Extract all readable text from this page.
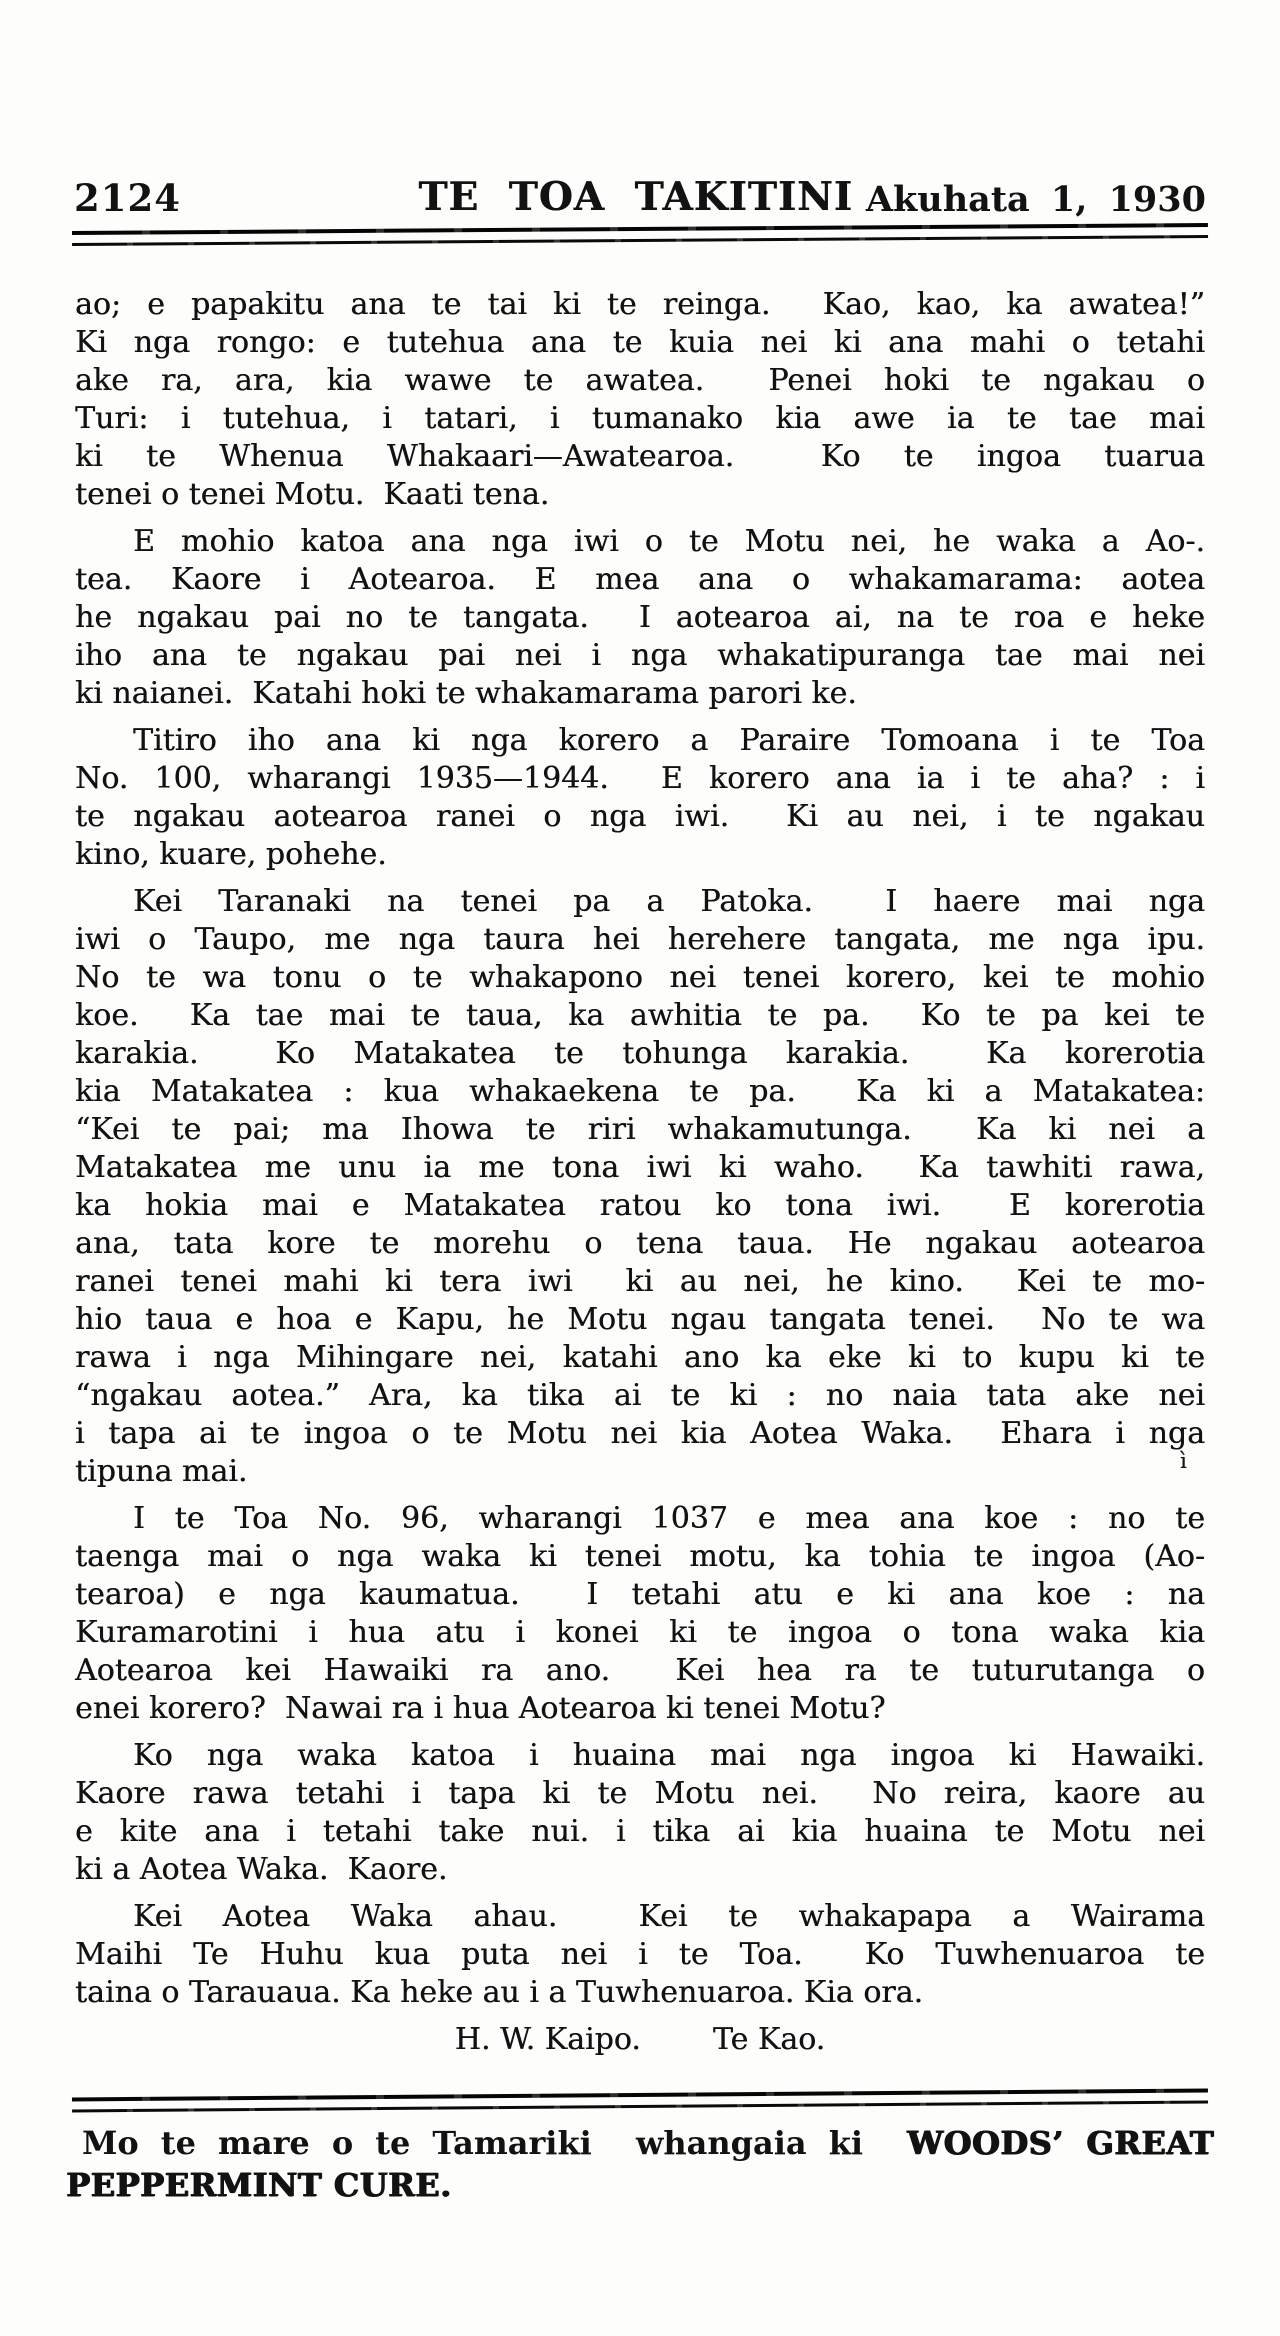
2124	TE TOA TAKITINI Akuhata 1, 1930
ao; e papakitu ana te tai ki te reinga.  Kao, kao, ka awatea!”
Ki nga rongo: e tutehua ana te kuia nei ki ana mahi o tetahi
ake ra, ara, kia wawe te awatea.  Penei hoki te ngakau o
Turi: i tutehua, i tatari, i tumanako kia awe ia te tae mai
ki te Whenua Whakaari—Awatearoa.  Ko te ingoa tuarua
tenei o tenei Motu.  Kaati tena.
E mohio katoa ana nga iwi o te Motu nei, he waka a Ao-.
tea. Kaore i Aotearoa. E mea ana o whakamarama: aotea
he ngakau pai no te tangata.  I aotearoa ai, na te roa e heke
iho ana te ngakau pai nei i nga whakatipuranga tae mai nei
ki naianei.  Katahi hoki te whakamarama parori ke.
Titiro iho ana ki nga korero a Paraire Tomoana i te Toa
No. 100, wharangi 1935—1944.  E korero ana ia i te aha? : i
te ngakau aotearoa ranei o nga iwi.  Ki au nei, i te ngakau
kino, kuare, pohehe.
Kei Taranaki na tenei pa a Patoka.  I haere mai nga
iwi o Taupo, me nga taura hei herehere tangata, me nga ipu.
No te wa tonu o te whakapono nei tenei korero, kei te mohio
koe.  Ka tae mai te taua, ka awhitia te pa.  Ko te pa kei te
karakia.  Ko Matakatea te tohunga karakia.  Ka korerotia
kia Matakatea : kua whakaekena te pa.  Ka ki a Matakatea:
“Kei te pai; ma Ihowa te riri whakamutunga.  Ka ki nei a
Matakatea me unu ia me tona iwi ki waho.  Ka tawhiti rawa,
ka hokia mai e Matakatea ratou ko tona iwi.  E korerotia
ana, tata kore te morehu o tena taua. He ngakau aotearoa
ranei tenei mahi ki tera iwi  ki au nei, he kino.  Kei te mo-
hio taua e hoa e Kapu, he Motu ngau tangata tenei.  No te wa
rawa i nga Mihingare nei, katahi ano ka eke ki to kupu ki te
“ngakau aotea.” Ara, ka tika ai te ki : no naia tata ake nei
i tapa ai te ingoa o te Motu nei kia Aotea Waka.  Ehara i nga
tipuna mai.
I te Toa No. 96, wharangi 1037 e mea ana koe : no te
taenga mai o nga waka ki tenei motu, ka tohia te ingoa (Ao-
tearoa) e nga kaumatua.  I tetahi atu e ki ana koe : na
Kuramarotini i hua atu i konei ki te ingoa o tona waka kia
Aotearoa kei Hawaiki ra ano.  Kei hea ra te tuturutanga o
enei korero?  Nawai ra i hua Aotearoa ki tenei Motu?
Ko nga waka katoa i huaina mai nga ingoa ki Hawaiki.
Kaore rawa tetahi i tapa ki te Motu nei.  No reira, kaore au
e kite ana i tetahi take nui. i tika ai kia huaina te Motu nei
ki a Aotea Waka.  Kaore.
Kei Aotea Waka ahau.  Kei te whakapapa a Wairama
Maihi Te Huhu kua puta nei i te Toa.  Ko Tuwhenuaroa te
taina o Tarauaua. Ka heke au i a Tuwhenuaroa. Kia ora.
H. W. Kaipo. Te Kao.
Mo te mare o te Tamariki  whangaia ki  WOODS’ GREAT
PEPPERMINT CURE.
ì
